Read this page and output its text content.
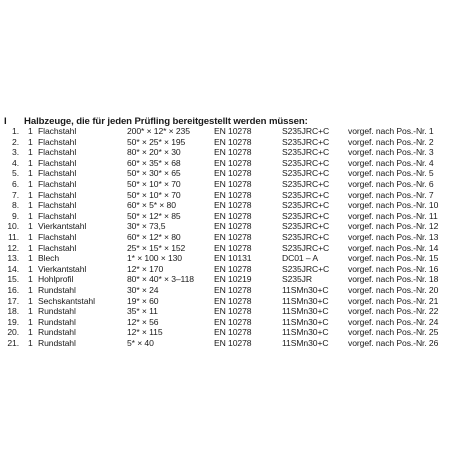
I Halbzeuge, die für jeden Prüfling bereitgestellt werden müssen:
1. 1 Flachstahl	200* × 12* × 235	EN 10278	S235JRC+C vorgef. nach Pos.-Nr. 1
2. 1 Flachstahl	50* × 25* × 195	EN 10278	S235JRC+C vorgef. nach Pos.-Nr. 2
3. 1 Flachstahl	80* × 20* × 30	EN 10278	S235JRC+C vorgef. nach Pos.-Nr. 3
4. 1 Flachstahl	60* × 35* × 68	EN 10278	S235JRC+C vorgef. nach Pos.-Nr. 4
5. 1 Flachstahl	50* × 30* × 65	EN 10278	S235JRC+C vorgef. nach Pos.-Nr. 5
6. 1 Flachstahl	50* × 10* × 70	EN 10278	S235JRC+C vorgef. nach Pos.-Nr. 6
7. 1 Flachstahl	50* × 10* × 70	EN 10278	S235JRC+C vorgef. nach Pos.-Nr. 7
8. 1 Flachstahl	60* × 5* × 80	EN 10278	S235JRC+C vorgef. nach Pos.-Nr. 10
9. 1 Flachstahl	50* × 12* × 85	EN 10278	S235JRC+C vorgef. nach Pos.-Nr. 11
10. 1 Vierkantstahl	30* × 73,5	EN 10278	S235JRC+C vorgef. nach Pos.-Nr. 12
11. 1 Flachstahl	60* × 12* × 80	EN 10278	S235JRC+C vorgef. nach Pos.-Nr. 13
12. 1 Flachstahl	25* × 15* × 152	EN 10278	S235JRC+C vorgef. nach Pos.-Nr. 14
13. 1 Blech	1* × 100 × 130	EN 10131	DC01 – A	vorgef. nach Pos.-Nr. 15
14. 1 Vierkantstahl	12* × 170	EN 10278	S235JRC+C vorgef. nach Pos.-Nr. 16
15. 1 Hohlprofil	80* × 40* × 3–118 EN 10219	S235JR	vorgef. nach Pos.-Nr. 18
16. 1 Rundstahl	30* × 24	EN 10278	11SMn30+C vorgef. nach Pos.-Nr. 20
17. 1 Sechskantstahl	19* × 60	EN 10278	11SMn30+C vorgef. nach Pos.-Nr. 21
18. 1 Rundstahl	35* × 11	EN 10278	11SMn30+C vorgef. nach Pos.-Nr. 22
19. 1 Rundstahl	12* × 56	EN 10278	11SMn30+C vorgef. nach Pos.-Nr. 24
20. 1 Rundstahl	12* × 115	EN 10278	11SMn30+C vorgef. nach Pos.-Nr. 25
21. 1 Rundstahl	5* × 40	EN 10278	11SMn30+C vorgef. nach Pos.-Nr. 26
